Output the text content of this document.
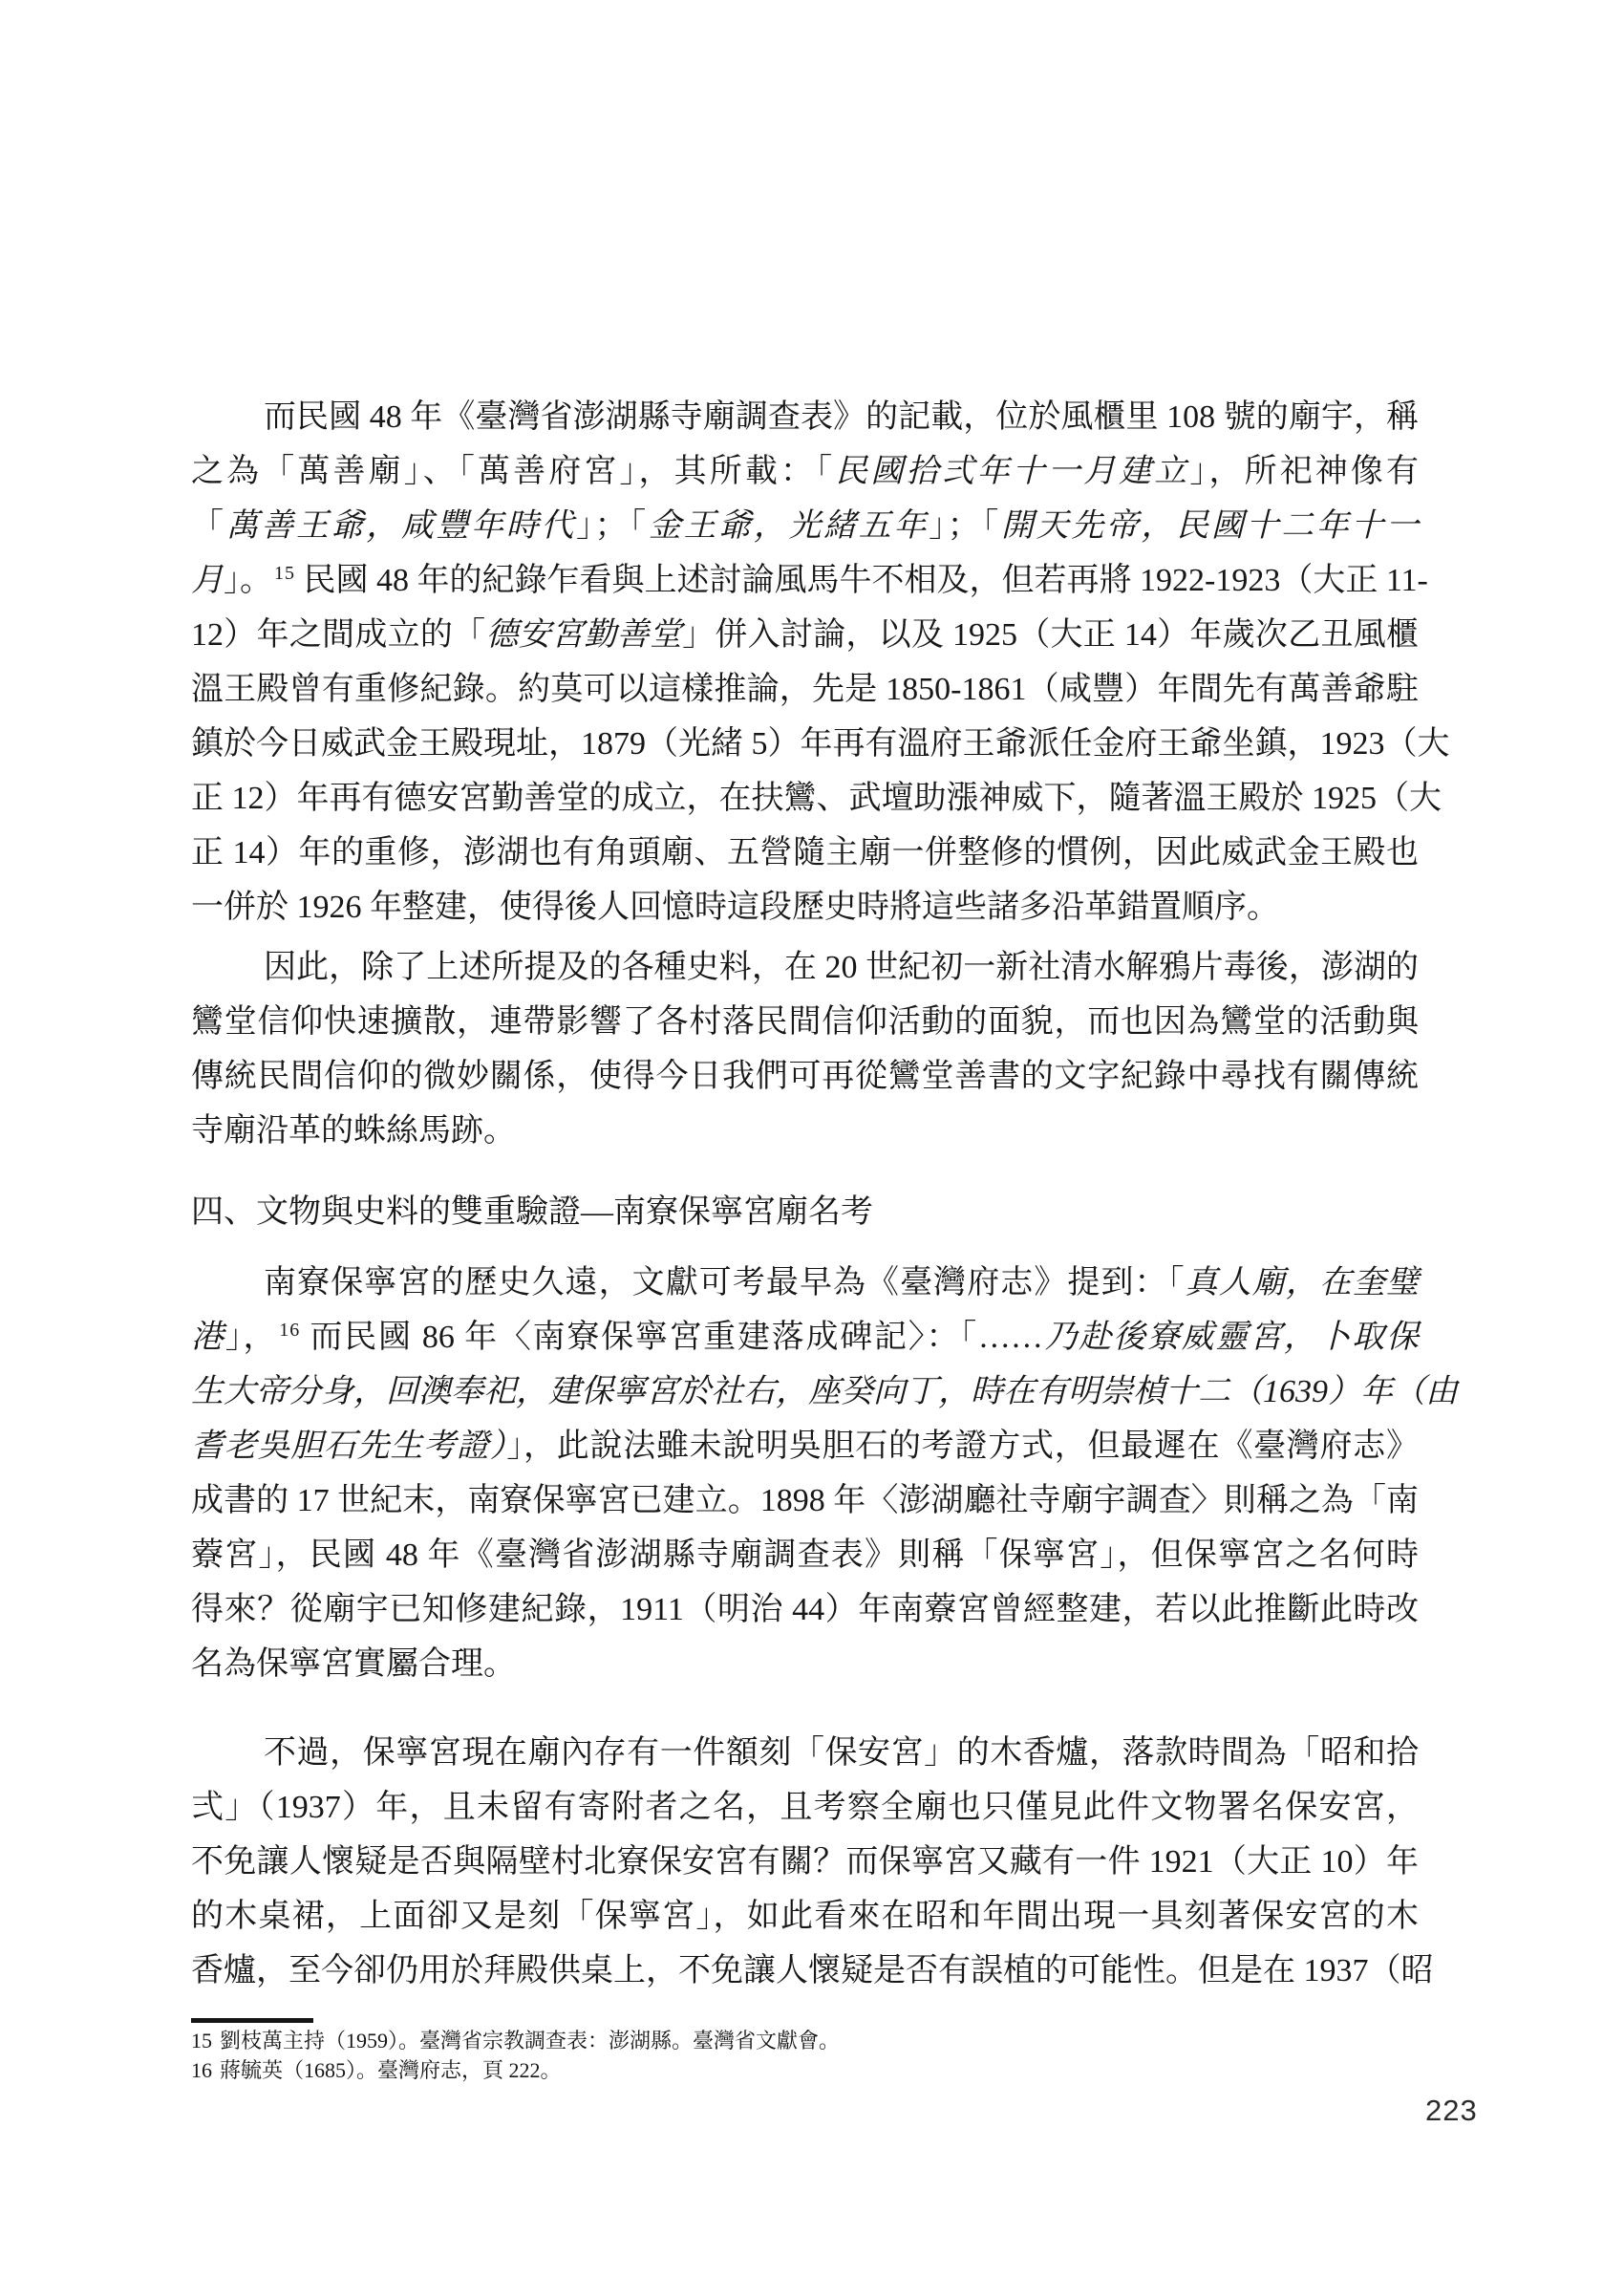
而民國 48 年《臺灣省澎湖縣寺廟調查表》的記載，位於風櫃里 108 號的廟宇，稱
之為「萬善廟」、「萬善府宮」，其所載：「民國拾弍年十一月建立」，所祀神像有
「萬善王爺，咸豐年時代」；「金王爺，光緒五年」；「開天先帝，民國十二年十一
月」。 $^{15}$ 民國 48 年的紀錄乍看與上述討論風馬牛不相及，但若再將 1922-1923（大正 11-
12）年之間成立的「德安宮勤善堂」併入討論，以及 1925（大正 14）年歲次乙丑風櫃
溫王殿曾有重修紀錄。約莫可以這樣推論，先是 1850-1861（咸豐）年間先有萬善爺駐
鎮於今日威武金王殿現址，1879（光緒 5）年再有溫府王爺派任金府王爺坐鎮，1923（大
正 12）年再有德安宮勤善堂的成立，在扶鸞、武壇助漲神威下，隨著溫王殿於 1925（大
正 14）年的重修，澎湖也有角頭廟、五營隨主廟一併整修的慣例，因此威武金王殿也
一併於 1926 年整建，使得後人回憶時這段歷史時將這些諸多沿革錯置順序。
因此，除了上述所提及的各種史料，在 20 世紀初一新社清水解鴉片毒後，澎湖的
鸞堂信仰快速擴散，連帶影響了各村落民間信仰活動的面貌，而也因為鸞堂的活動與
傳統民間信仰的微妙關係，使得今日我們可再從鸞堂善書的文字紀錄中尋找有關傳統
寺廟沿革的蛛絲馬跡。
四、文物與史料的雙重驗證—南寮保寧宮廟名考
南寮保寧宮的歷史久遠，文獻可考最早為《臺灣府志》提到：「真人廟，在奎璧
港」， $^{16}$ 而民國 86 年〈南寮保寧宮重建落成碑記〉：「……乃赴後寮威靈宮，卜取保
生大帝分身，回澳奉祀，建保寧宮於社右，座癸向丁，時在有明崇楨十二（1639）年（由
耆老吳胆石先生考證）」，此說法雖未說明吳胆石的考證方式，但最遲在《臺灣府志》
成書的 17 世紀末，南寮保寧宮已建立。1898 年〈澎湖廳社寺廟宇調查〉則稱之為「南
藔宮」，民國 48 年《臺灣省澎湖縣寺廟調查表》則稱「保寧宮」，但保寧宮之名何時
得來？從廟宇已知修建紀錄，1911（明治 44）年南藔宮曾經整建，若以此推斷此時改
名為保寧宮實屬合理。
不過，保寧宮現在廟內存有一件額刻「保安宮」的木香爐，落款時間為「昭和拾
弍」（1937）年，且未留有寄附者之名，且考察全廟也只僅見此件文物署名保安宮，
不免讓人懷疑是否與隔壁村北寮保安宮有關？而保寧宮又藏有一件 1921（大正 10）年
的木桌裙，上面卻又是刻「保寧宮」，如此看來在昭和年間出現一具刻著保安宮的木
香爐，至今卻仍用於拜殿供桌上，不免讓人懷疑是否有誤植的可能性。但是在 1937（昭
15 劉枝萬主持（1959）。臺灣省宗教調查表：澎湖縣。臺灣省文獻會。
16 蔣毓英（1685）。臺灣府志，頁 222。
223
